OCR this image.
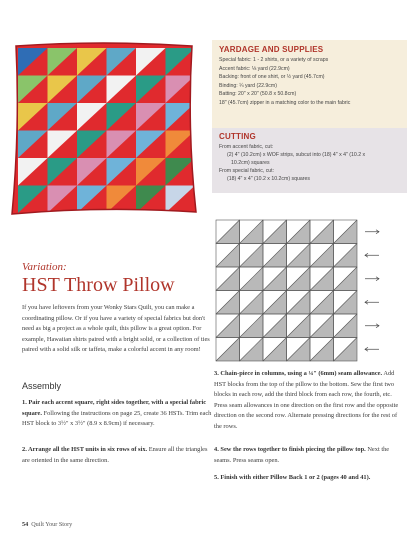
YARDAGE AND SUPPLIES
Special fabric: 1 - 2 shirts, or a variety of scraps
Accent fabric: ⅛ yard (22.9cm)
Backing: front of one shirt, or ½ yard (45.7cm)
Binding: ¼ yard (22.9cm)
Batting: 20" x 20" (50.8 x 50.8cm)
18" (45.7cm) zipper in a matching color to the main fabric
CUTTING
From accent fabric, cut:
(2) 4" (10.2cm) x WOF strips, subcut into (18) 4" x 4" (10.2 x
10.2cm) squares
From special fabric, cut:
(18) 4" x 4" (10.2 x 10.2cm) squares
Variation:
HST Throw Pillow
If you have leftovers from your Wonky Stars Quilt, you can make a coordinating pillow. Or if you have a variety of special fabrics but don't need as big a project as a whole quilt, this pillow is a great option. For example, Hawaiian shirts paired with a bright solid, or a collection of ties paired with a solid silk or taffeta, make a colorful accent in any room!
Assembly
1. Pair each accent square, right sides together, with a special fabric square. Following the instructions on page 25, create 36 HSTs. Trim each HST block to 3½" x 3½" (8.9 x 8.9cm) if necessary.
2. Arrange all the HST units in six rows of six. Ensure all the triangles are oriented in the same direction.
3. Chain-piece in columns, using a ¼" (6mm) seam allowance. Add HST blocks from the top of the pillow to the bottom. Sew the first two blocks in each row, add the third block from each row, the fourth, etc. Press seam allowances in one direction on the first row and the opposite direction on the second row. Alternate pressing directions for the rest of the rows.
4. Sew the rows together to finish piecing the pillow top. Next the seams. Press seams open.
5. Finish with either Pillow Back 1 or 2 (pages 40 and 41).
54 Quilt Your Story
